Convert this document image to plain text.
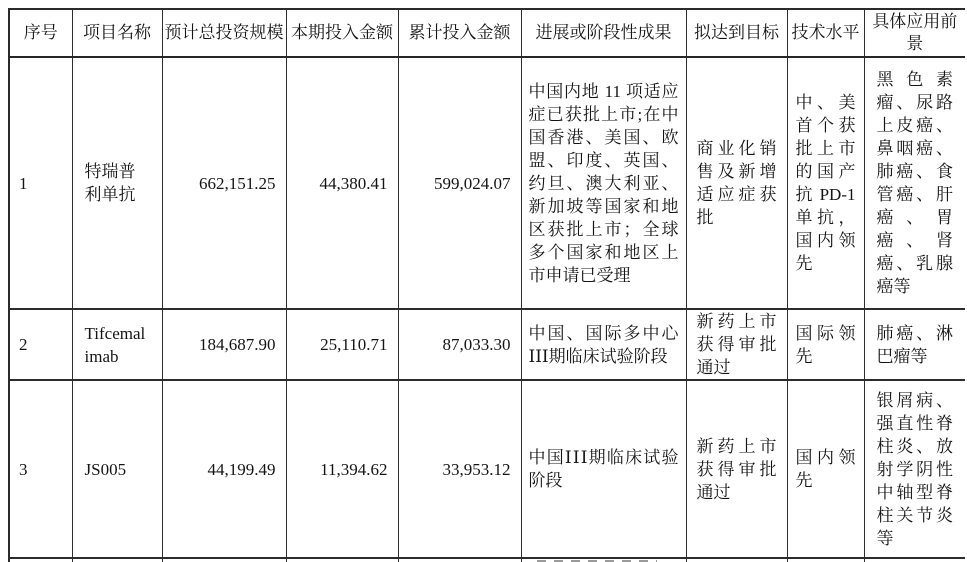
序号	项目名称	预计总投资规模	本期投入金额	累计投入金额	进展或阶段性成果	拟达到目标	技术水平	具体应用前景
1	特瑞普利单抗	662,151.25	44,380.41	599,024.07	中国内地 11 项适应症已获批上市;在中国香港、美国、欧盟、印度、英国、约旦、澳大利亚、新加坡等国家和地区获批上市；全球多个国家和地区上市申请已受理	商业化销售及新增适应症获批	中、美首个获批上市的国产抗PD-1单抗，国内领先	黑色素瘤、尿路上皮癌、鼻咽癌、肺癌、食管癌、肝癌、胃癌、肾癌、乳腺癌等
2	Tifcemalimab	184,687.90	25,110.71	87,033.30	中国、国际多中心ⅠⅠⅠ期临床试验阶段	新药上市获得审批通过	国际领先	肺癌、淋巴瘤等
3	JS005	44,199.49	11,394.62	33,953.12	中国ⅠⅠⅠ期临床试验阶段	新药上市获得审批通过	国内领先	银屑病、强直性脊柱炎、放射学阴性中轴型脊柱关节炎等
